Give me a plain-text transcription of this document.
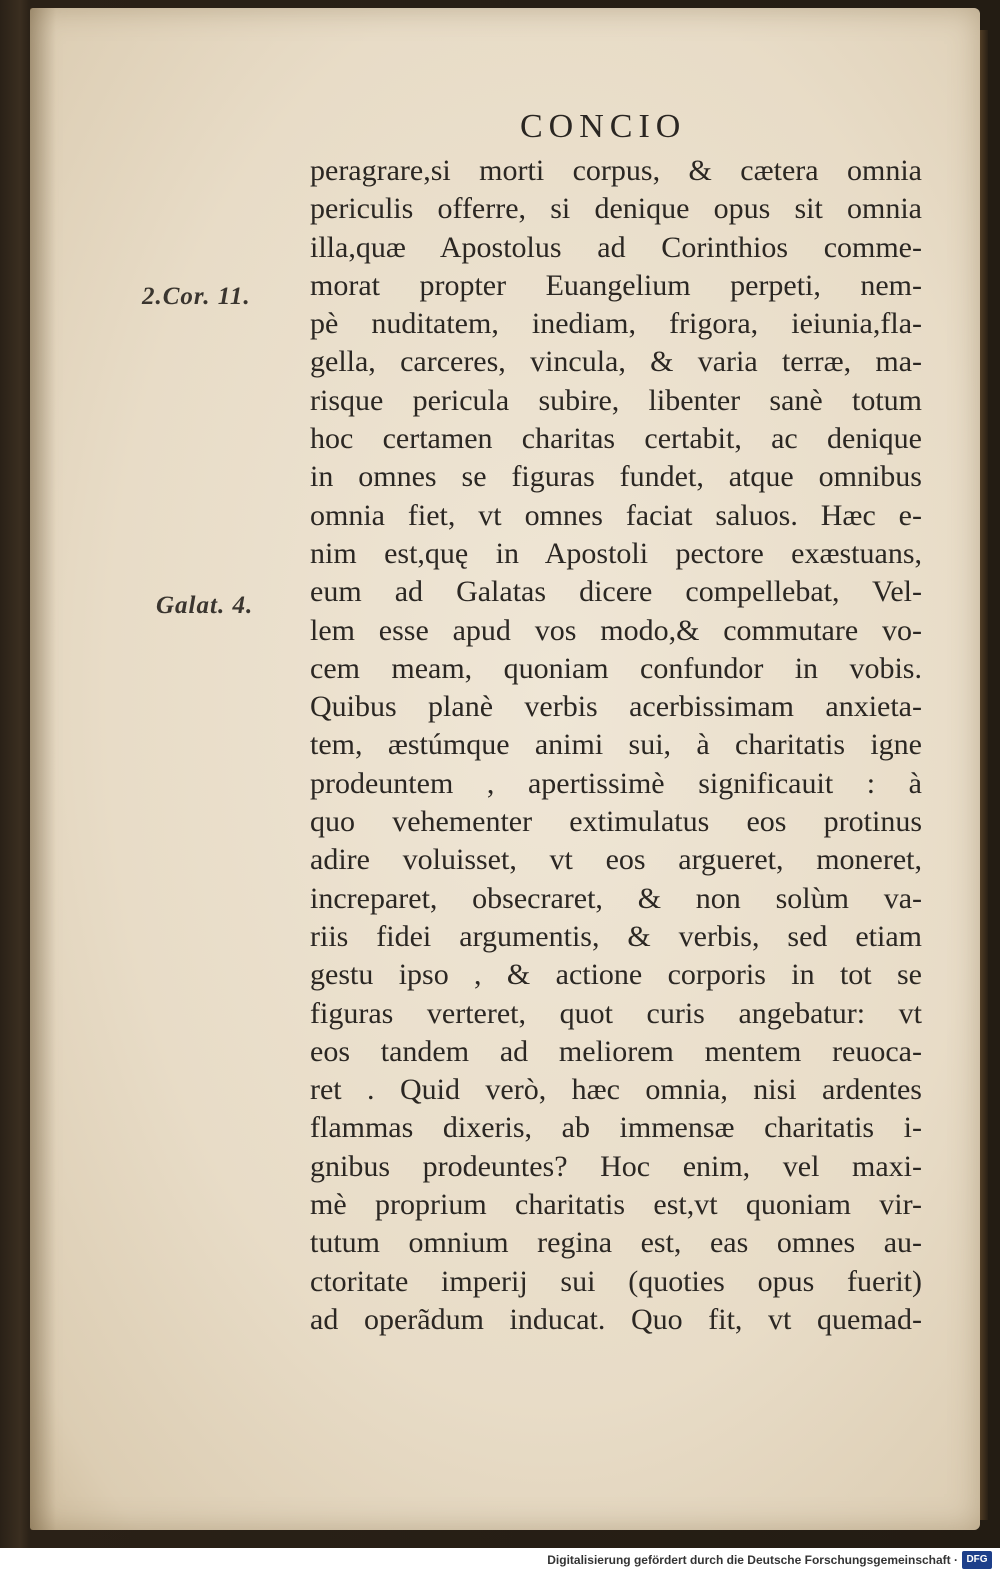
CONCIO
2.Cor. 11.
Galat. 4.
peragrare,si morti corpus, & cætera omnia
periculis offerre, si denique opus sit omnia
illa,quæ Apostolus ad Corinthios comme-
morat propter Euangelium perpeti, nem-
pè nuditatem, inediam, frigora, ieiunia,fla-
gella, carceres, vincula, & varia terræ, ma-
risque pericula subire, libenter sanè totum
hoc certamen charitas certabit, ac denique
in omnes se figuras fundet, atque omnibus
omnia fiet, vt omnes faciat saluos. Hæc e-
nim est,quę in Apostoli pectore exæstuans,
eum ad Galatas dicere compellebat, Vel-
lem esse apud vos modo,& commutare vo-
cem meam, quoniam confundor in vobis.
Quibus planè verbis acerbissimam anxieta-
tem, æstúmque animi sui, à charitatis igne
prodeuntem , apertissimè significauit : à
quo vehementer extimulatus eos protinus
adire voluisset, vt eos argueret, moneret,
increparet, obsecraret, & non solùm va-
riis fidei argumentis, & verbis, sed etiam
gestu ipso , & actione corporis in tot se
figuras verteret, quot curis angebatur: vt
eos tandem ad meliorem mentem reuoca-
ret . Quid verò, hæc omnia, nisi ardentes
flammas dixeris, ab immensæ charitatis i-
gnibus prodeuntes? Hoc enim, vel maxi-
mè proprium charitatis est,vt quoniam vir-
tutum omnium regina est, eas omnes au-
ctoritate imperij sui (quoties opus fuerit)
ad operãdum inducat. Quo fit, vt quemad-
Digitalisierung gefördert durch die Deutsche Forschungsgemeinschaft · DFG
